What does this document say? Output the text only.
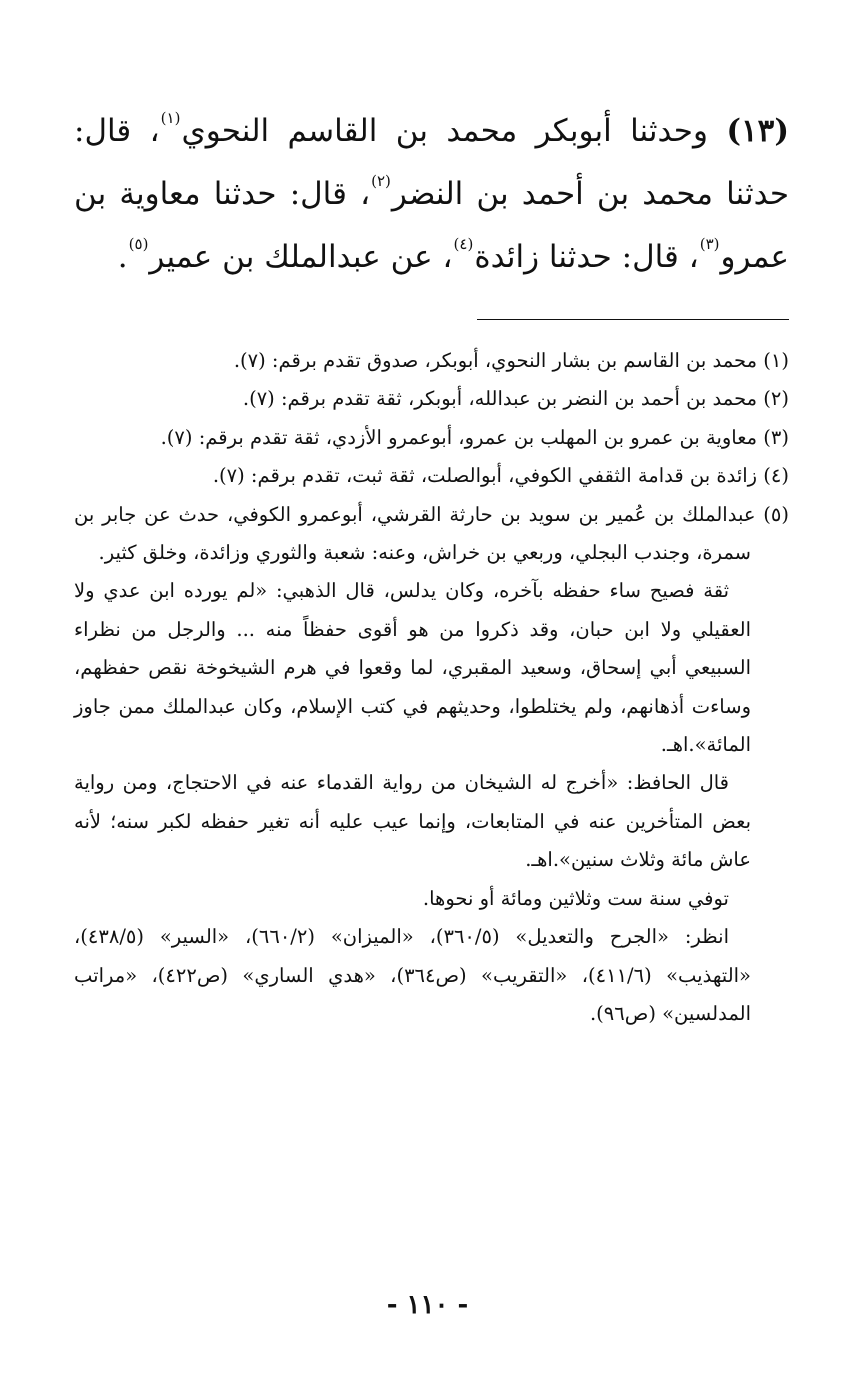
(١٣) وحدثنا أبوبكر محمد بن القاسم النحوي$^{(١)}$، قال: حدثنا محمد بن أحمد بن النضر$^{(٢)}$، قال: حدثنا معاوية بن عمرو$^{(٣)}$، قال: حدثنا زائدة$^{(٤)}$، عن عبدالملك بن عمير$^{(٥)}$.

(١) محمد بن القاسم بن بشار النحوي، أبوبكر، صدوق تقدم برقم: (٧).

(٢) محمد بن أحمد بن النضر بن عبدالله، أبوبكر، ثقة تقدم برقم: (٧).

(٣) معاوية بن عمرو بن المهلب بن عمرو، أبوعمرو الأزدي، ثقة تقدم برقم: (٧).

(٤) زائدة بن قدامة الثقفي الكوفي، أبوالصلت، ثقة ثبت، تقدم برقم: (٧).

(٥) عبدالملك بن عُمير بن سويد بن حارثة القرشي، أبوعمرو الكوفي، حدث عن جابر بن سمرة، وجندب البجلي، وربعي بن خراش، وعنه: شعبة والثوري وزائدة، وخلق كثير.

ثقة فصيح ساء حفظه بآخره، وكان يدلس، قال الذهبي: «لم يورده ابن عدي ولا العقيلي ولا ابن حبان، وقد ذكروا من هو أقوى حفظاً منه ... والرجل من نظراء السبيعي أبي إسحاق، وسعيد المقبري، لما وقعوا في هرم الشيخوخة نقص حفظهم، وساءت أذهانهم، ولم يختلطوا، وحديثهم في كتب الإسلام، وكان عبدالملك ممن جاوز المائة».اهـ.

قال الحافظ: «أخرج له الشيخان من رواية القدماء عنه في الاحتجاج، ومن رواية بعض المتأخرين عنه في المتابعات، وإنما عيب عليه أنه تغير حفظه لكبر سنه؛ لأنه عاش مائة وثلاث سنين».اهـ.

توفي سنة ست وثلاثين ومائة أو نحوها.

انظر: «الجرح والتعديل» (٣٦٠/٥)، «الميزان» (٦٦٠/٢)، «السير» (٤٣٨/٥)، «التهذيب» (٤١١/٦)، «التقريب» (ص٣٦٤)، «هدي الساري» (ص٤٢٢)، «مراتب المدلسين» (ص٩٦).

- ١١٠ -
